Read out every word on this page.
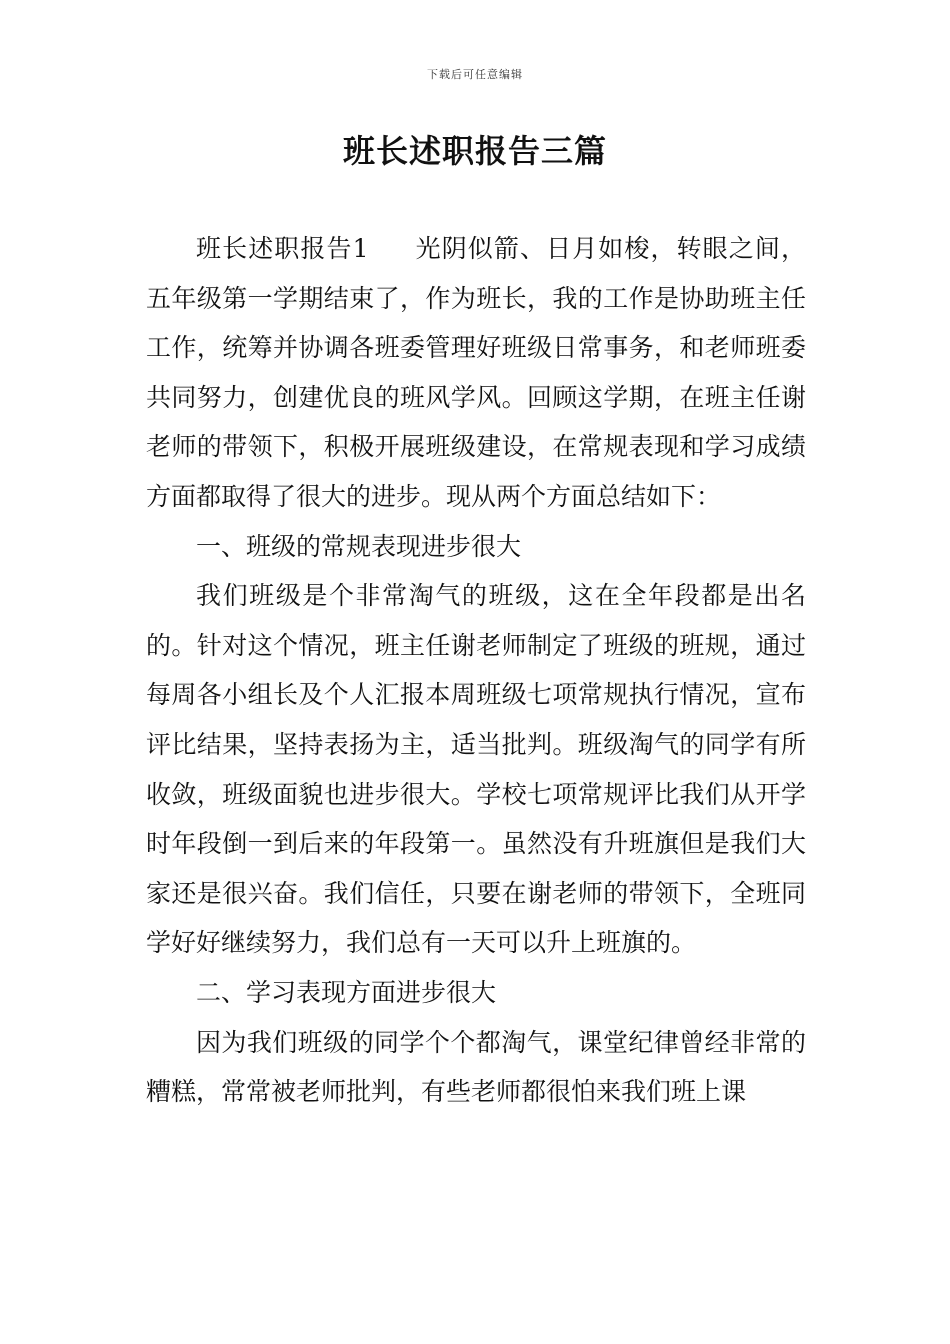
下载后可任意编辑
班长述职报告三篇

班长述职报告1 光阴似箭、日月如梭，转眼之间，五年级第一学期结束了，作为班长，我的工作是协助班主任工作，统筹并协调各班委管理好班级日常事务，和老师班委共同努力，创建优良的班风学风。回顾这学期，在班主任谢老师的带领下，积极开展班级建设，在常规表现和学习成绩方面都取得了很大的进步。现从两个方面总结如下：

一、班级的常规表现进步很大

我们班级是个非常淘气的班级，这在全年段都是出名的。针对这个情况，班主任谢老师制定了班级的班规，通过每周各小组长及个人汇报本周班级七项常规执行情况，宣布评比结果，坚持表扬为主，适当批判。班级淘气的同学有所收敛，班级面貌也进步很大。学校七项常规评比我们从开学时年段倒一到后来的年段第一。虽然没有升班旗但是我们大家还是很兴奋。我们信任，只要在谢老师的带领下，全班同学好好继续努力，我们总有一天可以升上班旗的。

二、学习表现方面进步很大

因为我们班级的同学个个都淘气，课堂纪律曾经非常的糟糕，常常被老师批判，有些老师都很怕来我们班上课
